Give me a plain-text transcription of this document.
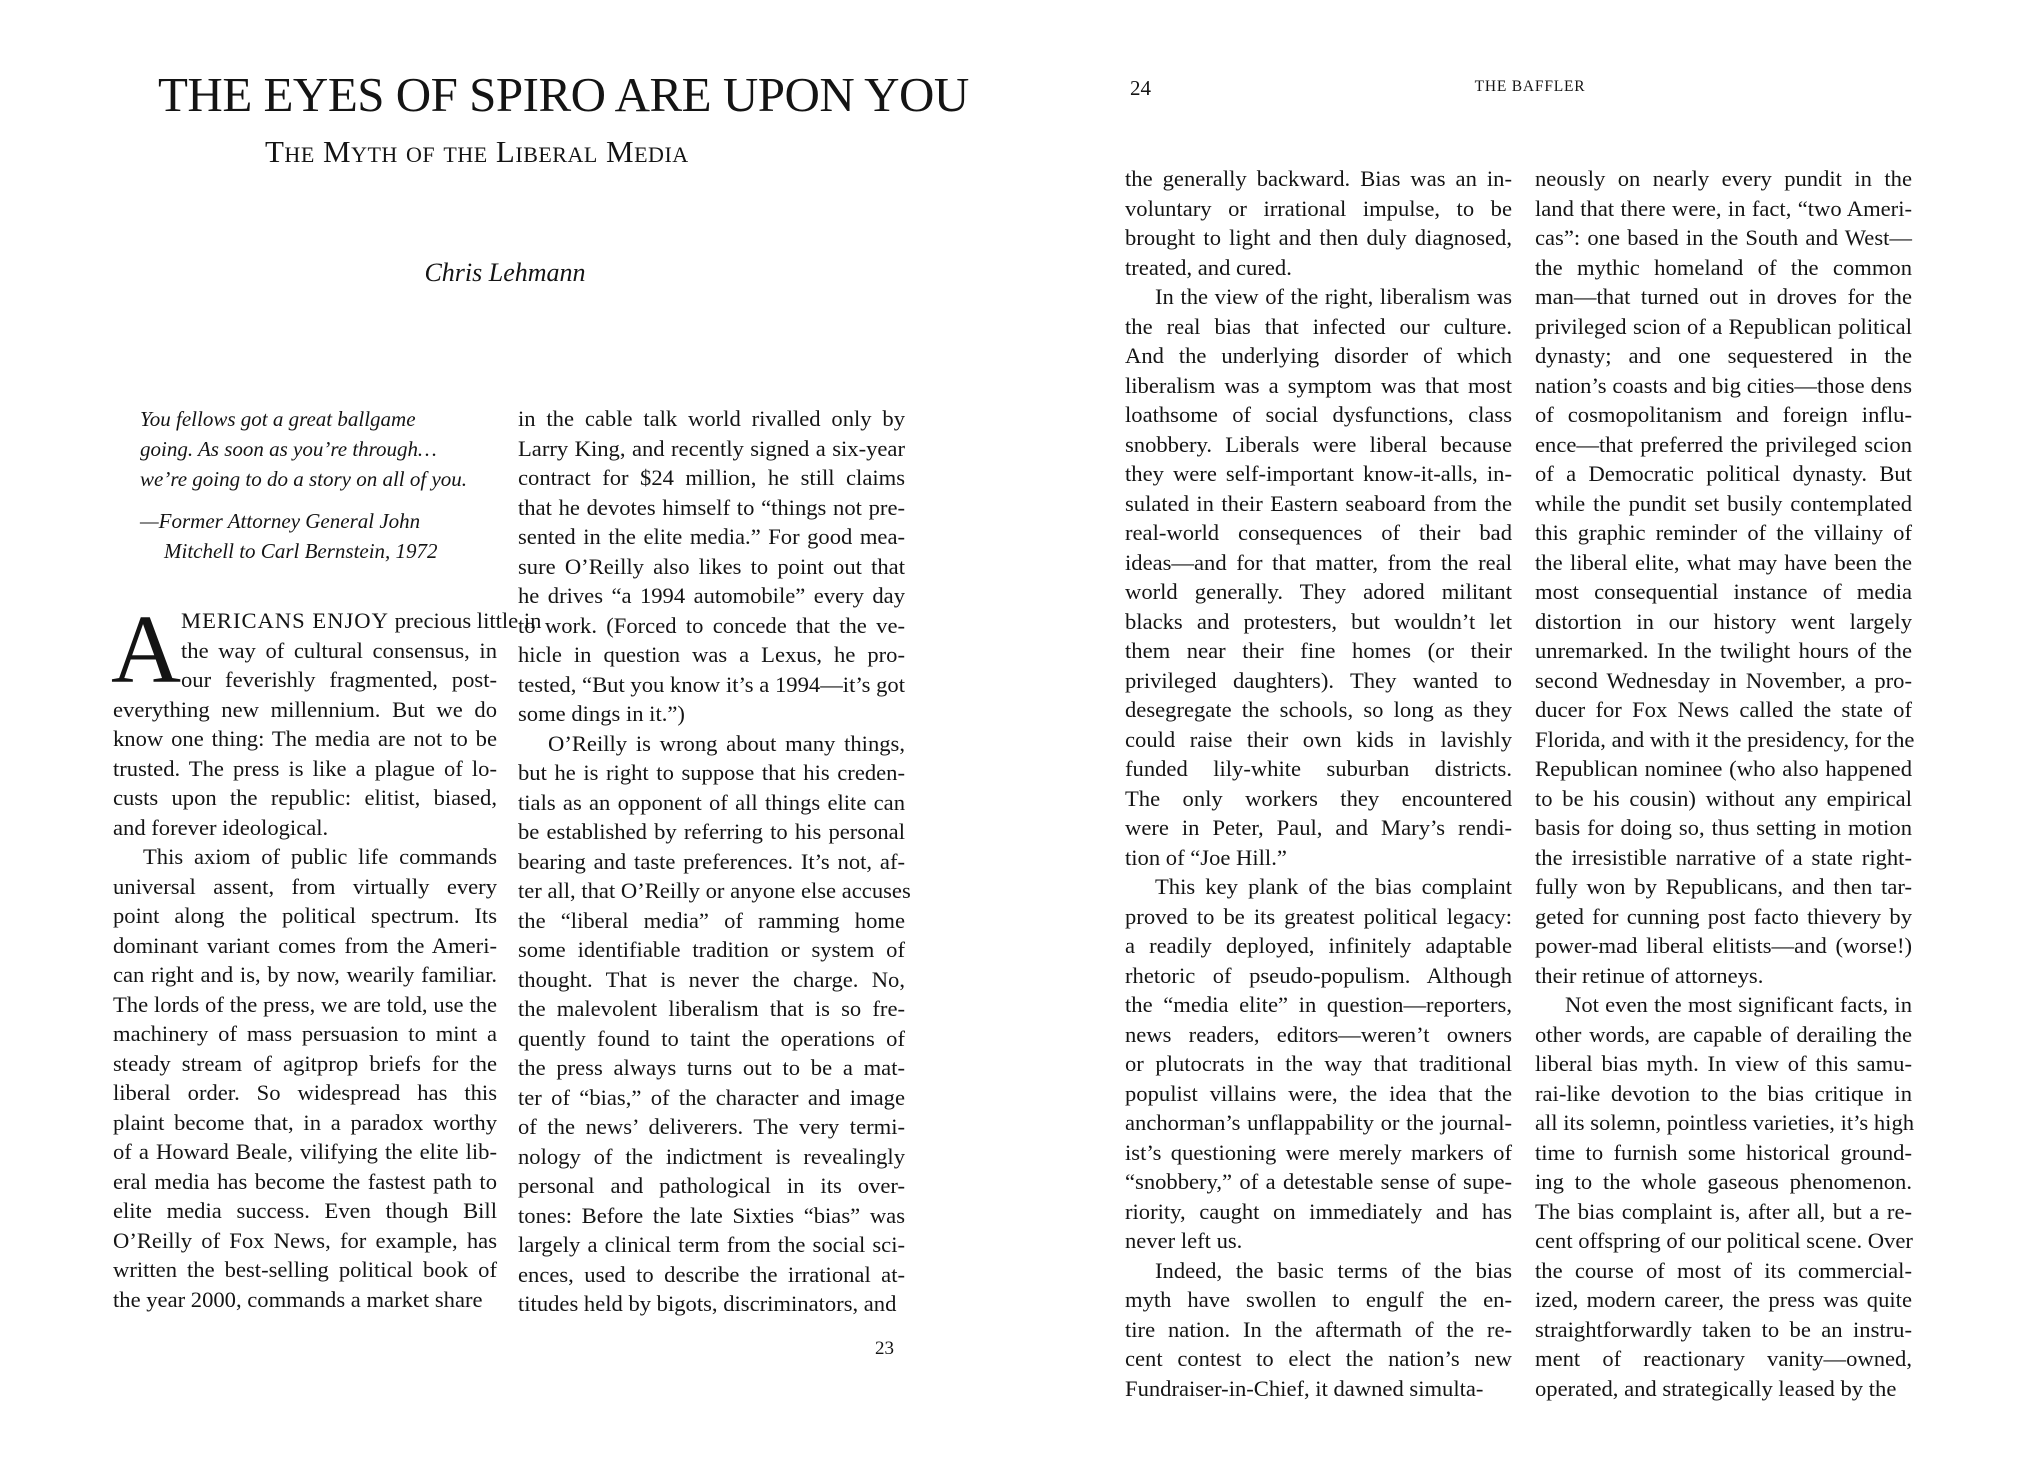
THE EYES OF SPIRO ARE UPON YOU
The Myth of the Liberal Media
Chris Lehmann
You fellows got a great ballgame
going. As soon as you’re through…
we’re going to do a story on all of you.
—Former Attorney General John
Mitchell to Carl Bernstein, 1972
A MERICANS ENJOY precious little in
the way of cultural consensus, in
our feverishly fragmented, post-
everything new millennium. But we do
know one thing: The media are not to be
trusted. The press is like a plague of lo-
custs upon the republic: elitist, biased,
and forever ideological.
This axiom of public life commands
universal assent, from virtually every
point along the political spectrum. Its
dominant variant comes from the Ameri-
can right and is, by now, wearily familiar.
The lords of the press, we are told, use the
machinery of mass persuasion to mint a
steady stream of agitprop briefs for the
liberal order. So widespread has this
plaint become that, in a paradox worthy
of a Howard Beale, vilifying the elite lib-
eral media has become the fastest path to
elite media success. Even though Bill
O’Reilly of Fox News, for example, has
written the best-selling political book of
the year 2000, commands a market share
in the cable talk world rivalled only by
Larry King, and recently signed a six-year
contract for $24 million, he still claims
that he devotes himself to “things not pre-
sented in the elite media.” For good mea-
sure O’Reilly also likes to point out that
he drives “a 1994 automobile” every day
to work. (Forced to concede that the ve-
hicle in question was a Lexus, he pro-
tested, “But you know it’s a 1994—it’s got
some dings in it.”)
O’Reilly is wrong about many things,
but he is right to suppose that his creden-
tials as an opponent of all things elite can
be established by referring to his personal
bearing and taste preferences. It’s not, af-
ter all, that O’Reilly or anyone else accuses
the “liberal media” of ramming home
some identifiable tradition or system of
thought. That is never the charge. No,
the malevolent liberalism that is so fre-
quently found to taint the operations of
the press always turns out to be a mat-
ter of “bias,” of the character and image
of the news’ deliverers. The very termi-
nology of the indictment is revealingly
personal and pathological in its over-
tones: Before the late Sixties “bias” was
largely a clinical term from the social sci-
ences, used to describe the irrational at-
titudes held by bigots, discriminators, and
23
24	THE BAFFLER
the generally backward. Bias was an in-
voluntary or irrational impulse, to be
brought to light and then duly diagnosed,
treated, and cured.
In the view of the right, liberalism was
the real bias that infected our culture.
And the underlying disorder of which
liberalism was a symptom was that most
loathsome of social dysfunctions, class
snobbery. Liberals were liberal because
they were self-important know-it-alls, in-
sulated in their Eastern seaboard from the
real-world consequences of their bad
ideas—and for that matter, from the real
world generally. They adored militant
blacks and protesters, but wouldn’t let
them near their fine homes (or their
privileged daughters). They wanted to
desegregate the schools, so long as they
could raise their own kids in lavishly
funded lily-white suburban districts.
The only workers they encountered
were in Peter, Paul, and Mary’s rendi-
tion of “Joe Hill.”
This key plank of the bias complaint
proved to be its greatest political legacy:
a readily deployed, infinitely adaptable
rhetoric of pseudo-populism. Although
the “media elite” in question—reporters,
news readers, editors—weren’t owners
or plutocrats in the way that traditional
populist villains were, the idea that the
anchorman’s unflappability or the journal-
ist’s questioning were merely markers of
“snobbery,” of a detestable sense of supe-
riority, caught on immediately and has
never left us.
Indeed, the basic terms of the bias
myth have swollen to engulf the en-
tire nation. In the aftermath of the re-
cent contest to elect the nation’s new
Fundraiser-in-Chief, it dawned simulta-
neously on nearly every pundit in the
land that there were, in fact, “two Ameri-
cas”: one based in the South and West—
the mythic homeland of the common
man—that turned out in droves for the
privileged scion of a Republican political
dynasty; and one sequestered in the
nation’s coasts and big cities—those dens
of cosmopolitanism and foreign influ-
ence—that preferred the privileged scion
of a Democratic political dynasty. But
while the pundit set busily contemplated
this graphic reminder of the villainy of
the liberal elite, what may have been the
most consequential instance of media
distortion in our history went largely
unremarked. In the twilight hours of the
second Wednesday in November, a pro-
ducer for Fox News called the state of
Florida, and with it the presidency, for the
Republican nominee (who also happened
to be his cousin) without any empirical
basis for doing so, thus setting in motion
the irresistible narrative of a state right-
fully won by Republicans, and then tar-
geted for cunning post facto thievery by
power-mad liberal elitists—and (worse!)
their retinue of attorneys.
Not even the most significant facts, in
other words, are capable of derailing the
liberal bias myth. In view of this samu-
rai-like devotion to the bias critique in
all its solemn, pointless varieties, it’s high
time to furnish some historical ground-
ing to the whole gaseous phenomenon.
The bias complaint is, after all, but a re-
cent offspring of our political scene. Over
the course of most of its commercial-
ized, modern career, the press was quite
straightforwardly taken to be an instru-
ment of reactionary vanity—owned,
operated, and strategically leased by the
